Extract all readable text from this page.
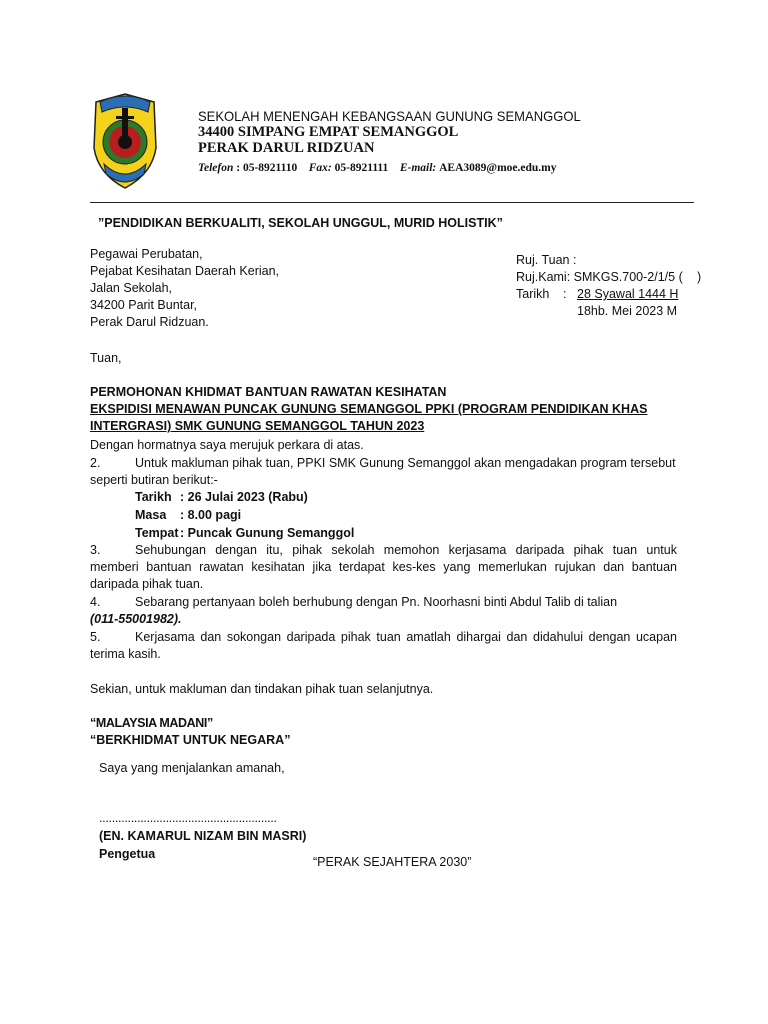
SEKOLAH MENENGAH KEBANGSAAN GUNUNG SEMANGGOL
34400 SIMPANG EMPAT SEMANGGOL
PERAK DARUL RIDZUAN
Telefon : 05-8921110 Fax: 05-8921111 E-mail: AEA3089@moe.edu.my
”PENDIDIKAN BERKUALITI, SEKOLAH UNGGUL, MURID HOLISTIK”
Pegawai Perubatan,
Pejabat Kesihatan Daerah Kerian,
Jalan Sekolah,
34200 Parit Buntar,
Perak Darul Ridzuan.
Ruj. Tuan :
Ruj.Kami: SMKGS.700-2/1/5 ( )
Tarikh : 28 Syawal 1444 H
18hb. Mei 2023 M
Tuan,
PERMOHONAN KHIDMAT BANTUAN RAWATAN KESIHATAN
EKSPIDISI MENAWAN PUNCAK GUNUNG SEMANGGOL PPKI (PROGRAM PENDIDIKAN KHAS
INTERGRASI) SMK GUNUNG SEMANGGOL TAHUN 2023
Dengan hormatnya saya merujuk perkara di atas.
2.	Untuk makluman pihak tuan, PPKI SMK Gunung Semanggol akan mengadakan program tersebut
seperti butiran berikut:-
Tarikh : 26 Julai 2023 (Rabu)
Masa : 8.00 pagi
Tempat : Puncak Gunung Semanggol
3.	Sehubungan dengan itu, pihak sekolah memohon kerjasama daripada pihak tuan untuk
memberi bantuan rawatan kesihatan jika terdapat kes-kes yang memerlukan rujukan dan bantuan
daripada pihak tuan.
4.	Sebarang pertanyaan boleh berhubung dengan Pn. Noorhasni binti Abdul Talib di talian
(011-55001982).
5.	Kerjasama dan sokongan daripada pihak tuan amatlah dihargai dan didahului dengan ucapan
terima kasih.
Sekian, untuk makluman dan tindakan pihak tuan selanjutnya.
“MALAYSIA MADANI”
“BERKHIDMAT UNTUK NEGARA”
Saya yang menjalankan amanah,
........................................................
(EN. KAMARUL NIZAM BIN MASRI)
Pengetua
“PERAK SEJAHTERA 2030”
